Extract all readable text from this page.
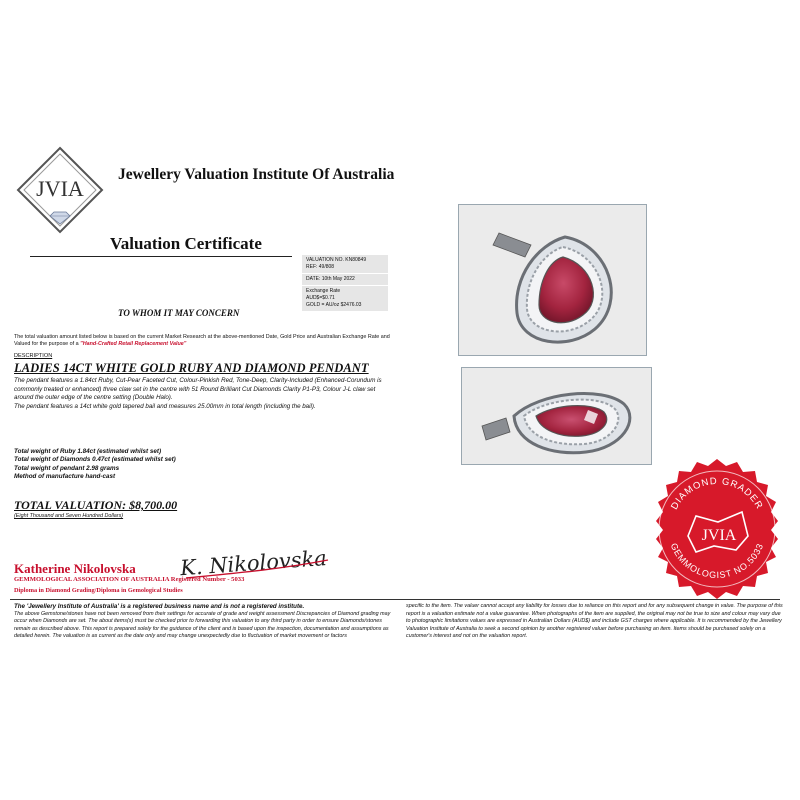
JVIA
Jewellery Valuation Institute Of Australia
Valuation Certificate
VALUATION NO. KN80849
REF: 49/808
DATE: 10th May 2022
Exchange Rate
AUD$=$0.71
GOLD = AU/oz $2476.03
TO WHOM IT MAY CONCERN
The total valuation amount listed below is based on the current Market Research at the above-mentioned Date, Gold Price and Australian Exchange Rate and Valued for the purpose of a "Hand-Crafted Retail Replacement Value"
DESCRIPTION
LADIES 14CT WHITE GOLD RUBY AND DIAMOND PENDANT
The pendant features a 1.84ct Ruby, Cut-Pear Faceted Cut, Colour-Pinkish Red, Tone-Deep, Clarity-Included (Enhanced-Corundum is commonly treated or enhanced) three claw set in the centre with 51 Round Brilliant Cut Diamonds Clarity P1-P3, Colour J-L claw set around the outer edge of the centre setting (Double Halo).
The pendant features a 14ct white gold tapered bail and measures 25.00mm in total length (including the bail).
Total weight of Ruby 1.84ct (estimated whilst set)
Total weight of Diamonds 0.47ct (estimated whilst set)
Total weight of pendant 2.98 grams
Method of manufacture hand-cast
TOTAL VALUATION: $8,700.00
(Eight Thousand and Seven Hundred Dollars)
Katherine Nikolovska K. Nikolovska
GEMMOLOGICAL ASSOCIATION OF AUSTRALIA Registered Number - 5033
Diploma in Diamond Grading/Diploma in Gemological Studies
DIAMOND GRADER
GEMMOLOGIST NO.5033
JVIA
The 'Jewellery Institute of Australia' is a registered business name and is not a registered institute.
The above Gemstone/stones have not been removed from their settings for accurate of grade and weight assessment Discrepancies of Diamond grading may occur when Diamonds are set. The about items(s) must be checked prior to forwarding this valuation to any third party in order to ensure Diamonds/stones remain as described above. This report is prepared solely for the guidance of the client and is based upon the inspection, documentation and assumptions as detailed herein. The valuation is as current as the date only and may change unexpectedly due to fluctuation of market movement or factors
specific to the item. The valuer cannot accept any liability for losses due to reliance on this report and for any subsequent change in value. The purpose of this report is a valuation estimate not a value guarantee. When photographs of the item are supplied, the original may not be true to size and colour may vary due to photographic limitations values are expressed in Australian Dollars (AUD$) and include GST charges where applicable. It is recommended by the Jewellery Valuation Institute of Australia to seek a second opinion by another registered valuer before purchasing an item. Items should be purchased solely on a customer's interest and not on the valuation report.
